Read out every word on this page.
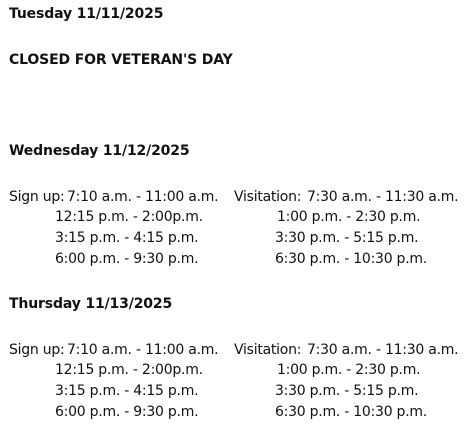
Tuesday 11/11/2025
CLOSED FOR VETERAN'S DAY
Wednesday 11/12/2025
Sign up: 7:10 a.m. - 11:00 a.m.
12:15 p.m. - 2:00p.m.
3:15 p.m. - 4:15 p.m.
6:00 p.m. - 9:30 p.m.
Visitation: 7:30 a.m. - 11:30 a.m.
1:00 p.m. - 2:30 p.m.
3:30 p.m. - 5:15 p.m.
6:30 p.m. - 10:30 p.m.
Thursday 11/13/2025
Sign up: 7:10 a.m. - 11:00 a.m.
12:15 p.m. - 2:00p.m.
3:15 p.m. - 4:15 p.m.
6:00 p.m. - 9:30 p.m.
Visitation: 7:30 a.m. - 11:30 a.m.
1:00 p.m. - 2:30 p.m.
3:30 p.m. - 5:15 p.m.
6:30 p.m. - 10:30 p.m.
